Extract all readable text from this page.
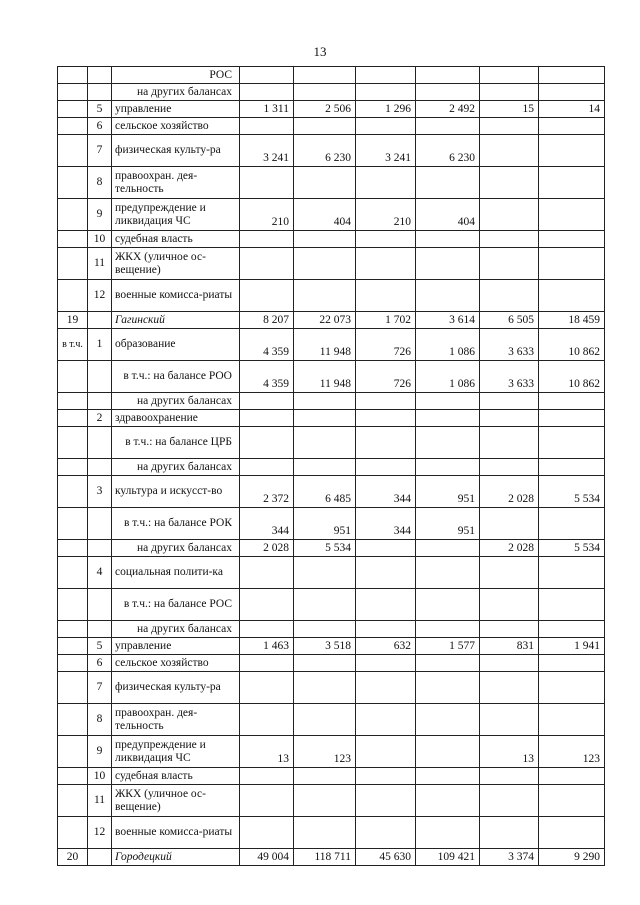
13
		РОС						
		на других балансах						
	5	управление	1 311	2 506	1 296	2 492	15	14
	6	сельское хозяйство						
	7	физическая культу-ра	3 241	6 230	3 241	6 230		
	8	правоохран. дея-тельность						
	9	предупреждение и ликвидация ЧС	210	404	210	404		
	10	судебная власть						
	11	ЖКХ (уличное ос-вещение)						
	12	военные комисса-риаты						
19		Гагинский	8 207	22 073	1 702	3 614	6 505	18 459
в т.ч.	1	образование	4 359	11 948	726	1 086	3 633	10 862
		в т.ч.: на балансе РОО	4 359	11 948	726	1 086	3 633	10 862
		на других балансах						
	2	здравоохранение						
		в т.ч.: на балансе ЦРБ						
		на других балансах						
	3	культура и искусст-во	2 372	6 485	344	951	2 028	5 534
		в т.ч.: на балансе РОК	344	951	344	951		
		на других балансах	2 028	5 534			2 028	5 534
	4	социальная полити-ка						
		в т.ч.: на балансе РОС						
		на других балансах						
	5	управление	1 463	3 518	632	1 577	831	1 941
	6	сельское хозяйство						
	7	физическая культу-ра						
	8	правоохран. дея-тельность						
	9	предупреждение и ликвидация ЧС	13	123			13	123
	10	судебная власть						
	11	ЖКХ (уличное ос-вещение)						
	12	военные комисса-риаты						
20		Городецкий	49 004	118 711	45 630	109 421	3 374	9 290
